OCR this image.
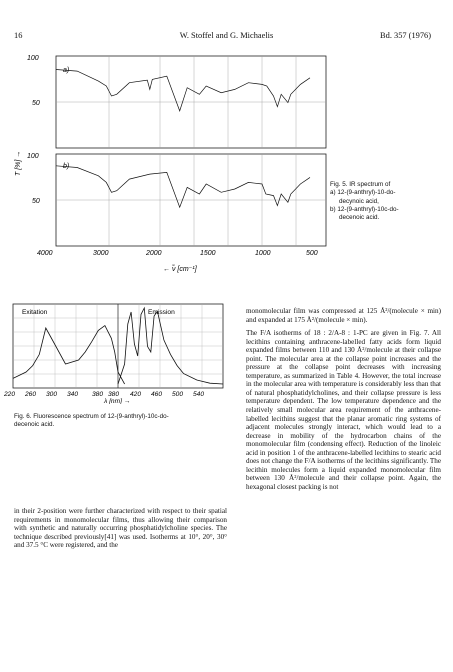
16	W. Stoffel and G. Michaelis	Bd. 357 (1976)
a)
b)
100
50
100
50
T [%] →
4000	3000	2000	1500	1000	500
← ν̃ [cm⁻¹]
Fig. 5. IR spectrum of
a) 12-(9-anthryl)-10-do-
decynoic acid,
b) 12-(9-anthryl)-10c-do-
decenoic acid.
Exitation	Emission
220 260 300 340 380 380 420 460 500 540
λ [nm] →
Fig. 6. Fluorescence spectrum of 12-(9-anthryl)-10c-do-
decenoic acid.

in their 2-position were further characterized with respect to their spatial requirements in monomolecular films, thus allowing their comparison with synthetic and naturally occurring phosphatidylcholine species. The technique described previously[41] was used. Isotherms at 10°, 20°, 30° and 37.5 °C were registered, and the

monomolecular film was compressed at 125 Å²/(molecule × min) and expanded at 175 Å²/(molecule × min).

The F/A isotherms of 18 : 2/A-8 : 1-PC are given in Fig. 7. All lecithins containing anthracene-labelled fatty acids form liquid expanded films between 110 and 130 Å²/molecule at their collapse point. The molecular area at the collapse point increases and the pressure at the collapse point decreases with increasing temperature, as summarized in Table 4. However, the total increase in the molecular area with temperature is considerably less than that of natural phosphatidylcholines, and their collapse pressure is less temperature dependent. The low temperature dependence and the relatively small molecular area requirement of the anthracene-labelled lecithins suggest that the planar aromatic ring systems of adjacent molecules strongly interact, which would lead to a decrease in mobility of the hydrocarbon chains of the monomolecular film (condensing effect). Reduction of the linoleic acid in position 1 of the anthracene-labelled lecithins to stearic acid does not change the F/A isotherms of the lecithins significantly. The lecithin molecules form a liquid expanded monomolecular film between 130 Å²/molecule and their collapse point. Again, the hexagonal closest packing is not
